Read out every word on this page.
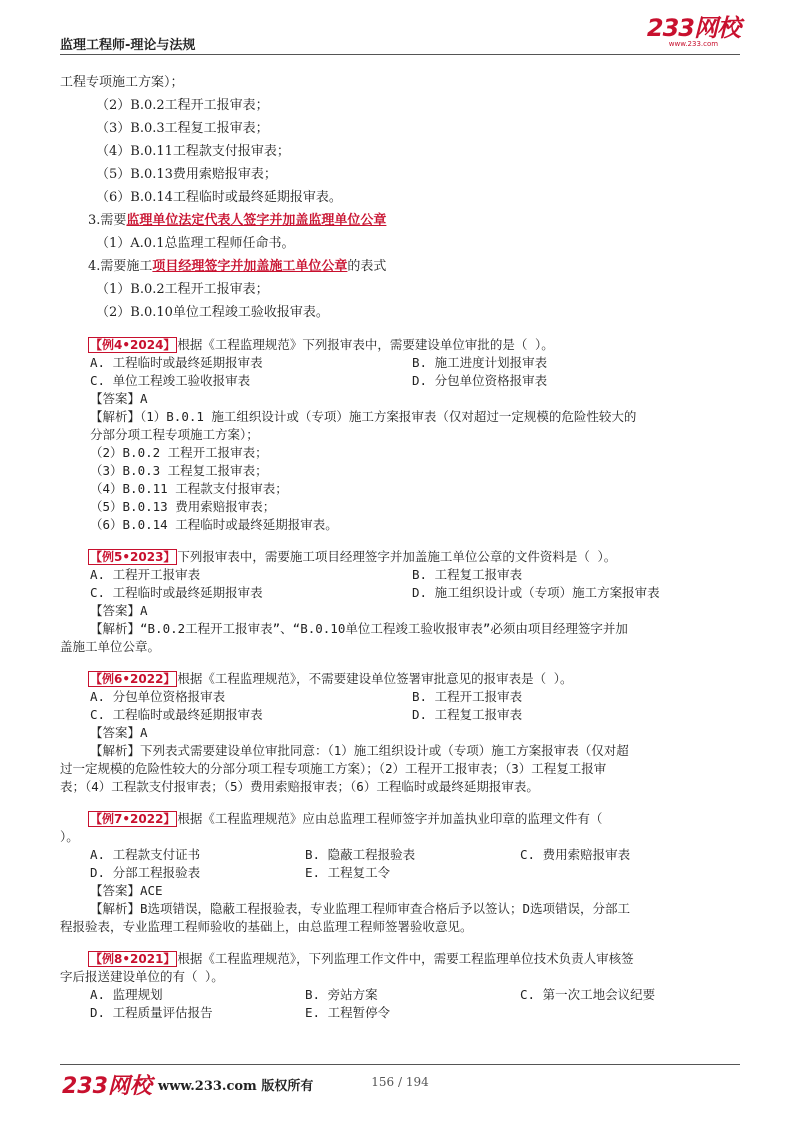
监理工程师-理论与法规
233网校
www.233.com
工程专项施工方案）；
（2）B.0.2工程开工报审表；
（3）B.0.3工程复工报审表；
（4）B.0.11工程款支付报审表；
（5）B.0.13费用索赔报审表；
（6）B.0.14工程临时或最终延期报审表。
3.需要监理单位法定代表人签字并加盖监理单位公章
（1）A.0.1总监理工程师任命书。
4.需要施工项目经理签字并加盖施工单位公章的表式
（1）B.0.2工程开工报审表；
（2）B.0.10单位工程竣工验收报审表。
【例4•2024】 根据《工程监理规范》下列报审表中，需要建设单位审批的是（ ）。
A. 工程临时或最终延期报审表	B. 施工进度计划报审表
C. 单位工程竣工验收报审表	D. 分包单位资格报审表
【答案】A
【解析】（1）B.0.1 施工组织设计或（专项）施工方案报审表（仅对超过一定规模的危险性较大的
分部分项工程专项施工方案）；
（2）B.0.2 工程开工报审表；
（3）B.0.3 工程复工报审表；
（4）B.0.11 工程款支付报审表；
（5）B.0.13 费用索赔报审表；
（6）B.0.14 工程临时或最终延期报审表。
【例5•2023】 下列报审表中，需要施工项目经理签字并加盖施工单位公章的文件资料是（ ）。
A. 工程开工报审表	B. 工程复工报审表
C. 工程临时或最终延期报审表	D. 施工组织设计或（专项）施工方案报审表
【答案】A
【解析】“B.0.2工程开工报审表”、“B.0.10单位工程竣工验收报审表”必须由项目经理签字并加
盖施工单位公章。
【例6•2022】 根据《工程监理规范》，不需要建设单位签署审批意见的报审表是（ ）。
A. 分包单位资格报审表	B. 工程开工报审表
C. 工程临时或最终延期报审表	D. 工程复工报审表
【答案】A
【解析】下列表式需要建设单位审批同意：（1）施工组织设计或（专项）施工方案报审表（仅对超
过一定规模的危险性较大的分部分项工程专项施工方案）；（2）工程开工报审表；（3）工程复工报审
表；（4）工程款支付报审表；（5）费用索赔报审表；（6）工程临时或最终延期报审表。
【例7•2022】 根据《工程监理规范》应由总监理工程师签字并加盖执业印章的监理文件有（
）。
A. 工程款支付证书	B. 隐蔽工程报验表	C. 费用索赔报审表
D. 分部工程报验表	E. 工程复工令
【答案】ACE
【解析】B选项错误，隐蔽工程报验表，专业监理工程师审查合格后予以签认；D选项错误，分部工
程报验表，专业监理工程师验收的基础上，由总监理工程师签署验收意见。
【例8•2021】 根据《工程监理规范》，下列监理工作文件中，需要工程监理单位技术负责人审核签
字后报送建设单位的有（ ）。
A. 监理规划	B. 旁站方案	C. 第一次工地会议纪要
D. 工程质量评估报告	E. 工程暂停令
233网校 www.233.com 版权所有	156 / 194
